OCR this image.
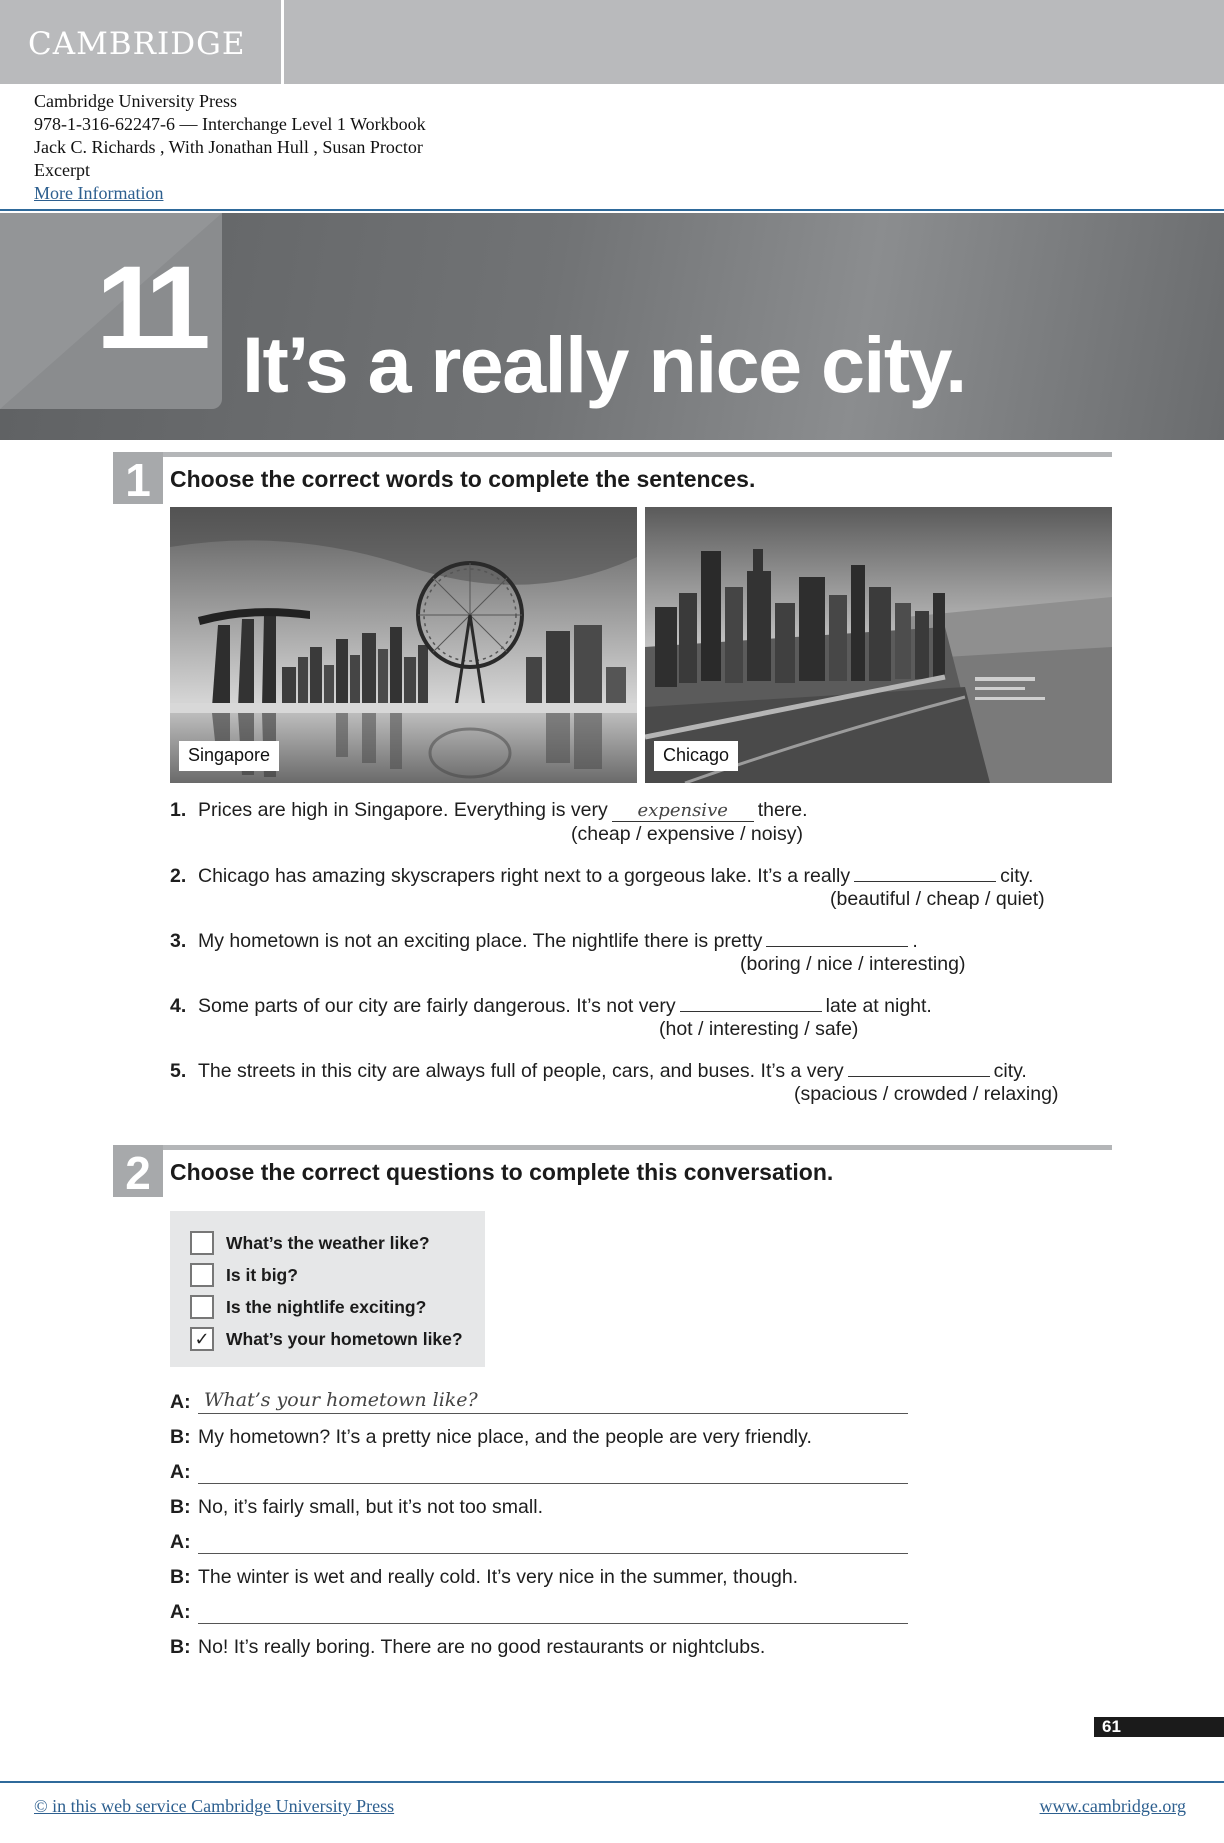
CAMBRIDGE
Cambridge University Press
978-1-316-62247-6 — Interchange Level 1 Workbook
Jack C. Richards , With Jonathan Hull , Susan Proctor
Excerpt
More Information
11 It’s a really nice city.
1 Choose the correct words to complete the sentences.
Singapore	Chicago
1. Prices are high in Singapore. Everything is very expensive there.
(cheap / expensive / noisy)
2. Chicago has amazing skyscrapers right next to a gorgeous lake. It’s a really	city.
(beautiful / cheap / quiet)
3. My hometown is not an exciting place. The nightlife there is pretty	.
(boring / nice / interesting)
4. Some parts of our city are fairly dangerous. It’s not very	late at night.
(hot / interesting / safe)
5. The streets in this city are always full of people, cars, and buses. It’s a very	city.
(spacious / crowded / relaxing)
2 Choose the correct questions to complete this conversation.
What’s the weather like?
Is it big?
Is the nightlife exciting?
✓ What’s your hometown like?
A: What’s your hometown like?
B: My hometown? It’s a pretty nice place, and the people are very friendly.
A:
B: No, it’s fairly small, but it’s not too small.
A:
B: The winter is wet and really cold. It’s very nice in the summer, though.
A:
B: No! It’s really boring. There are no good restaurants or nightclubs.
61
© in this web service Cambridge University Press	www.cambridge.org
